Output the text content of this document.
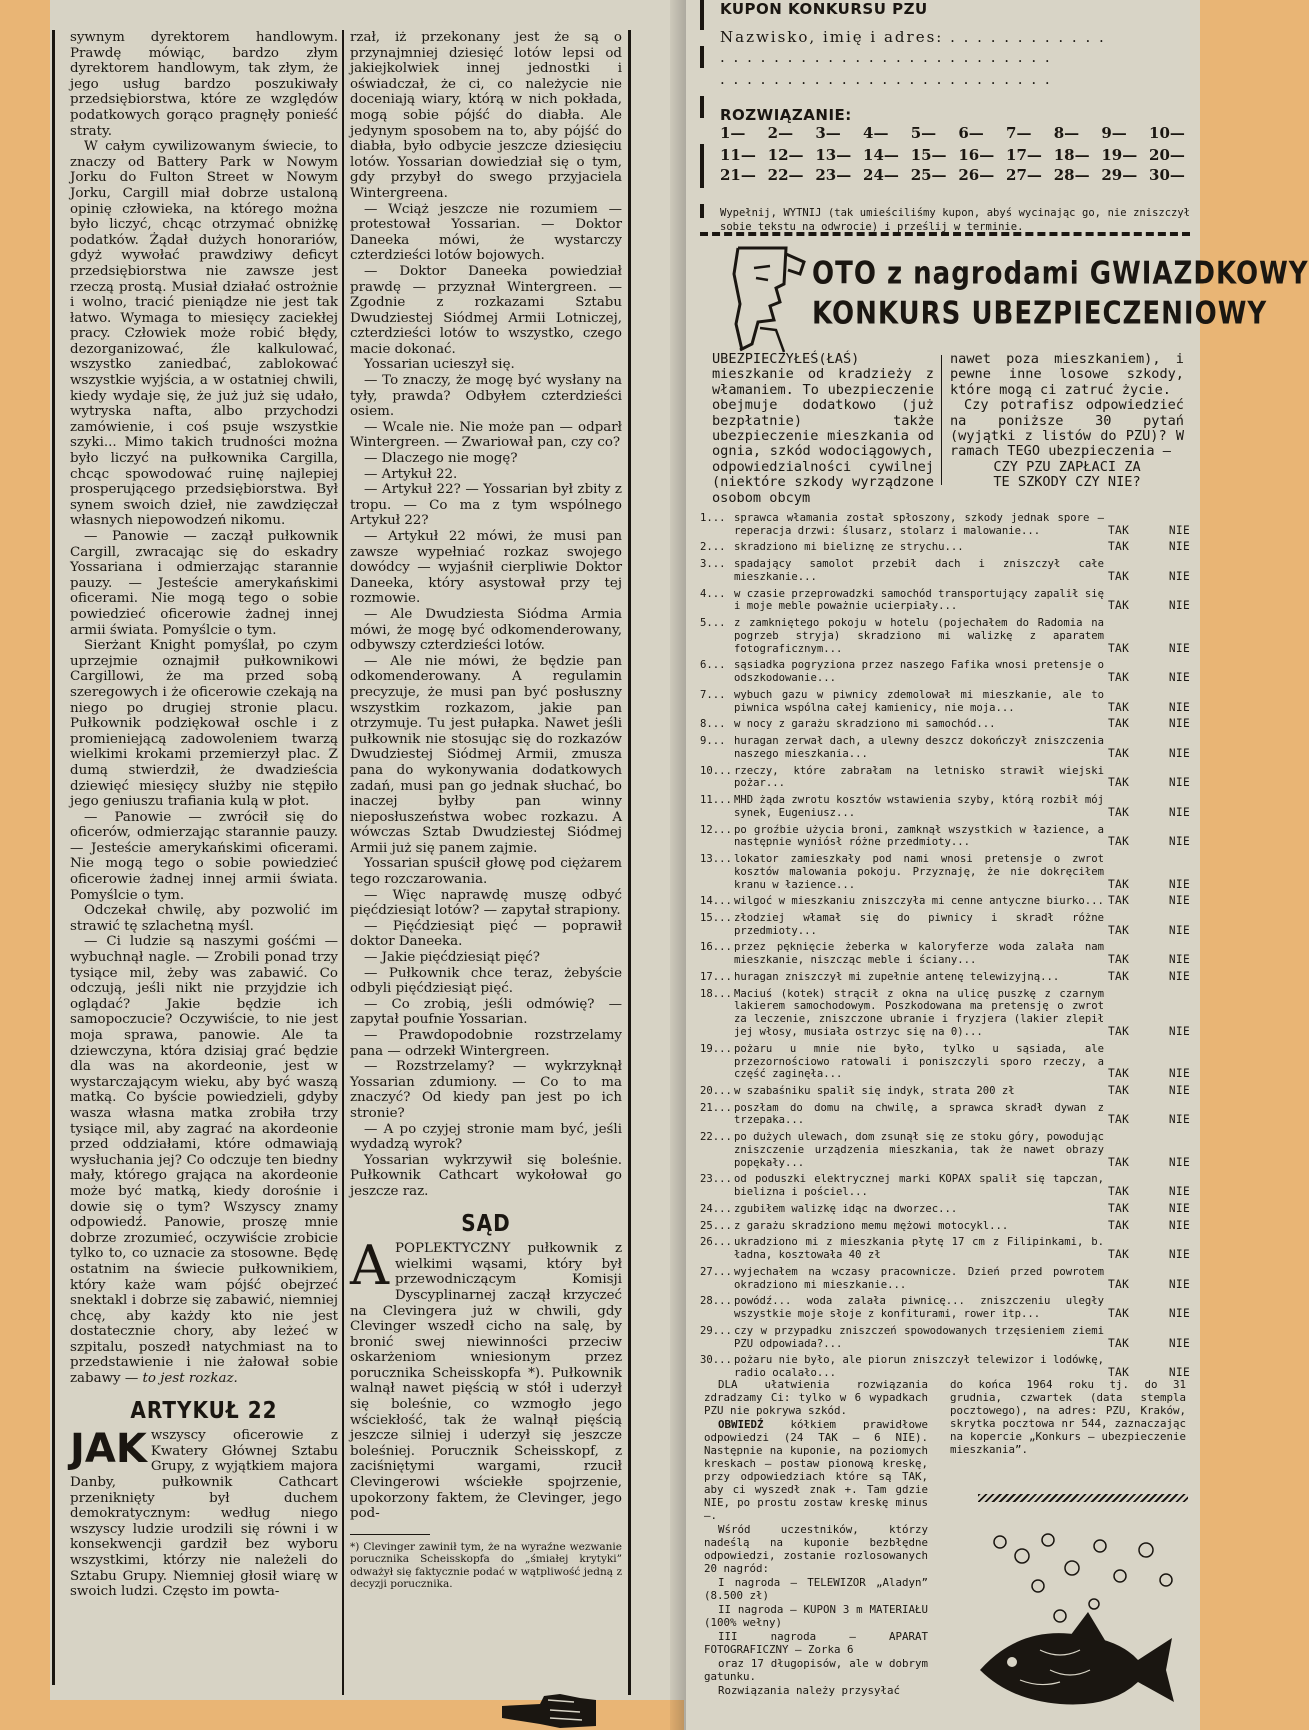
sywnym dyrektorem handlowym. Prawdę mówiąc, bardzo złym dyrektorem handlowym, tak złym, że jego usług bardzo poszukiwały przedsiębiorstwa, które ze względów podatkowych gorąco pragnęły ponieść straty.

W całym cywilizowanym świecie, to znaczy od Battery Park w Nowym Jorku do Fulton Street w Nowym Jorku, Cargill miał dobrze ustaloną opinię człowieka, na którego można było liczyć, chcąc otrzymać obniżkę podatków. Żądał dużych honorariów, gdyż wywołać prawdziwy deficyt przedsiębiorstwa nie zawsze jest rzeczą prostą. Musiał działać ostrożnie i wolno, tracić pieniądze nie jest tak łatwo. Wymaga to miesięcy zaciekłej pracy. Człowiek może robić błędy, dezorganizować, źle kalkulować, wszystko zaniedbać, zablokować wszystkie wyjścia, a w ostatniej chwili, kiedy wydaje się, że już już się udało, wytryska nafta, albo przychodzi zamówienie, i coś psuje wszystkie szyki... Mimo takich trudności można było liczyć na pułkownika Cargilla, chcąc spowodować ruinę najlepiej prosperującego przedsiębiorstwa. Był synem swoich dzieł, nie zawdzięczał własnych niepowodzeń nikomu.

— Panowie — zaczął pułkownik Cargill, zwracając się do eskadry Yossariana i odmierzając starannie pauzy. — Jesteście amerykańskimi oficerami. Nie mogą tego o sobie powiedzieć oficerowie żadnej innej armii świata. Pomyślcie o tym.

Sierżant Knight pomyślał, po czym uprzejmie oznajmił pułkownikowi Cargillowi, że ma przed sobą szeregowych i że oficerowie czekają na niego po drugiej stronie placu. Pułkownik podziękował oschle i z promieniejącą zadowoleniem twarzą wielkimi krokami przemierzył plac. Z dumą stwierdził, że dwadzieścia dziewięć miesięcy służby nie stępiło jego geniuszu trafiania kulą w płot.

— Panowie — zwrócił się do oficerów, odmierzając starannie pauzy. — Jesteście amerykańskimi oficerami. Nie mogą tego o sobie powiedzieć oficerowie żadnej innej armii świata. Pomyślcie o tym.

Odczekał chwilę, aby pozwolić im strawić tę szlachetną myśl.

— Ci ludzie są naszymi gośćmi — wybuchnął nagle. — Zrobili ponad trzy tysiące mil, żeby was zabawić. Co odczują, jeśli nikt nie przyjdzie ich oglądać? Jakie będzie ich samopoczucie? Oczywiście, to nie jest moja sprawa, panowie. Ale ta dziewczyna, która dzisiaj grać będzie dla was na akordeonie, jest w wystarczającym wieku, aby być waszą matką. Co byście powiedzieli, gdyby wasza własna matka zrobiła trzy tysiące mil, aby zagrać na akordeonie przed oddziałami, które odmawiają wysłuchania jej? Co odczuje ten biedny mały, którego grająca na akordeonie może być matką, kiedy dorośnie i dowie się o tym? Wszyscy znamy odpowiedź. Panowie, proszę mnie dobrze zrozumieć, oczywiście zrobicie tylko to, co uznacie za stosowne. Będę ostatnim na świecie pułkownikiem, który każe wam pójść obejrzeć snektakl i dobrze się zabawić, niemniej chcę, aby każdy kto nie jest dostatecznie chory, aby leżeć w szpitalu, poszedł natychmiast na to przedstawienie i nie żałował sobie zabawy — to jest rozkaz.

ARTYKUŁ 22

JAK wszyscy oficerowie z Kwatery Głównej Sztabu Grupy, z wyjątkiem majora Danby, pułkownik Cathcart przeniknięty był duchem demokratycznym: według niego wszyscy ludzie urodzili się równi i w konsekwencji gardził bez wyboru wszystkimi, którzy nie należeli do Sztabu Grupy. Niemniej głosił wiarę w swoich ludzi. Często im powta-

rzał, iż przekonany jest że są o przynajmniej dziesięć lotów lepsi od jakiejkolwiek innej jednostki i oświadczał, że ci, co należycie nie doceniają wiary, którą w nich pokłada, mogą sobie pójść do diabła. Ale jedynym sposobem na to, aby pójść do diabła, było odbycie jeszcze dziesięciu lotów. Yossarian dowiedział się o tym, gdy przybył do swego przyjaciela Wintergreena.

— Wciąż jeszcze nie rozumiem — protestował Yossarian. — Doktor Daneeka mówi, że wystarczy czterdzieści lotów bojowych.

— Doktor Daneeka powiedział prawdę — przyznał Wintergreen. — Zgodnie z rozkazami Sztabu Dwudziestej Siódmej Armii Lotniczej, czterdzieści lotów to wszystko, czego macie dokonać.

Yossarian ucieszył się.

— To znaczy, że mogę być wysłany na tyły, prawda? Odbyłem czterdzieści osiem.

— Wcale nie. Nie może pan — odparł Wintergreen. — Zwariował pan, czy co?

— Dlaczego nie mogę?

— Artykuł 22.

— Artykuł 22? — Yossarian był zbity z tropu. — Co ma z tym wspólnego Artykuł 22?

— Artykuł 22 mówi, że musi pan zawsze wypełniać rozkaz swojego dowódcy — wyjaśnił cierpliwie Doktor Daneeka, który asystował przy tej rozmowie.

— Ale Dwudziesta Siódma Armia mówi, że mogę być odkomenderowany, odbywszy czterdzieści lotów.

— Ale nie mówi, że będzie pan odkomenderowany. A regulamin precyzuje, że musi pan być posłuszny wszystkim rozkazom, jakie pan otrzymuje. Tu jest pułapka. Nawet jeśli pułkownik nie stosując się do rozkazów Dwudziestej Siódmej Armii, zmusza pana do wykonywania dodatkowych zadań, musi pan go jednak słuchać, bo inaczej byłby pan winny nieposłuszeństwa wobec rozkazu. A wówczas Sztab Dwudziestej Siódmej Armii już się panem zajmie.

Yossarian spuścił głowę pod ciężarem tego rozczarowania.

— Więc naprawdę muszę odbyć pięćdziesiąt lotów? — zapytał strapiony.

— Pięćdziesiąt pięć — poprawił doktor Daneeka.

— Jakie pięćdziesiąt pięć?

— Pułkownik chce teraz, żebyście odbyli pięćdziesiąt pięć.

— Co zrobią, jeśli odmówię? — zapytał poufnie Yossarian.

— Prawdopodobnie rozstrzelamy pana — odrzekł Wintergreen.

— Rozstrzelamy? — wykrzyknął Yossarian zdumiony. — Co to ma znaczyć? Od kiedy pan jest po ich stronie?

— A po czyjej stronie mam być, jeśli wydadzą wyrok?

Yossarian wykrzywił się boleśnie. Pułkownik Cathcart wykołował go jeszcze raz.

SĄD

APOPLEKTYCZNY pułkownik z wielkimi wąsami, który był przewodniczącym Komisji Dyscyplinarnej zaczął krzyczeć na Clevingera już w chwili, gdy Clevinger wszedł cicho na salę, by bronić swej niewinności przeciw oskarżeniom wniesionym przez porucznika Scheisskopfa *). Pułkownik walnął nawet pięścią w stół i uderzył się boleśnie, co wzmogło jego wściekłość, tak że walnął pięścią jeszcze silniej i uderzył się jeszcze boleśniej. Porucznik Scheisskopf, z zaciśniętymi wargami, rzucił Clevingerowi wściekłe spojrzenie, upokorzony faktem, że Clevinger, jego pod-

*) Clevinger zawinił tym, że na wyraźne wezwanie porucznika Scheisskopfa do „śmiałej krytyki” odważył się faktycznie podać w wątpliwość jedną z decyzji porucznika.

KUPON KONKURSU PZU
Nazwisko, imię i adres: . . . . . . . . . . . .
. . . . . . . . . . . . . . . . . . . . . . . . .
. . . . . . . . . . . . . . . . . . . . . . . . .
ROZWIĄZANIE:
1— 2— 3— 4— 5— 6— 7— 8— 9— 10—
11— 12— 13— 14— 15— 16— 17— 18— 19— 20—
21— 22— 23— 24— 25— 26— 27— 28— 29— 30—
Wypełnij, WYTNIJ (tak umieściliśmy kupon, abyś wycinając go, nie zniszczył sobie tekstu na odwrocie) i prześlij w terminie.
OTO z nagrodami GWIAZDKOWY
KONKURS UBEZPIECZENIOWY
UBEZPIECZYŁEŚ(ŁAŚ) mieszkanie od kradzieży z włamaniem. To ubezpieczenie obejmuje dodatkowo (już bezpłatnie) także ubezpieczenie mieszkania od ognia, szkód wodociągowych, odpowiedzialności cywilnej (niektóre szkody wyrządzone osobom obcym
nawet poza mieszkaniem), i pewne inne losowe szkody, które mogą ci zatruć życie.
Czy potrafisz odpowiedzieć na poniższe 30 pytań (wyjątki z listów do PZU)? W ramach TEGO ubezpieczenia —
CZY PZU ZAPŁACI ZA
TE SZKODY CZY NIE?
1... sprawca włamania został spłoszony, szkody jednak spore — reperacja drzwi: ślusarz, stolarz i malowanie...	TAK	NIE
2... skradziono mi bieliznę ze strychu...	TAK	NIE
3... spadający samolot przebił dach i zniszczył całe mieszkanie...	TAK	NIE
4... w czasie przeprowadzki samochód transportujący zapalił się i moje meble poważnie ucierpiały...	TAK	NIE
5... z zamkniętego pokoju w hotelu (pojechałem do Radomia na pogrzeb stryja) skradziono mi walizkę z aparatem fotograficznym...	TAK	NIE
6... sąsiadka pogryziona przez naszego Fafika wnosi pretensje o odszkodowanie...	TAK	NIE
7... wybuch gazu w piwnicy zdemolował mi mieszkanie, ale to piwnica wspólna całej kamienicy, nie moja...	TAK	NIE
8... w nocy z garażu skradziono mi samochód...	TAK	NIE
9... huragan zerwał dach, a ulewny deszcz dokończył zniszczenia naszego mieszkania...	TAK	NIE
10... rzeczy, które zabrałam na letnisko strawił wiejski pożar...	TAK	NIE
11... MHD żąda zwrotu kosztów wstawienia szyby, którą rozbił mój synek, Eugeniusz...	TAK	NIE
12... po groźbie użycia broni, zamknął wszystkich w łazience, a następnie wyniósł różne przedmioty...	TAK	NIE
13... lokator zamieszkały pod nami wnosi pretensje o zwrot kosztów malowania pokoju. Przyznaję, że nie dokręciłem kranu w łazience...	TAK	NIE
14... wilgoć w mieszkaniu zniszczyła mi cenne antyczne biurko... TAK	NIE
15... złodziej włamał się do piwnicy i skradł różne przedmioty...	TAK	NIE
16... przez pęknięcie żeberka w kaloryferze woda zalała nam mieszkanie, niszcząc meble i ściany...	TAK	NIE
17... huragan zniszczył mi zupełnie antenę telewizyjną...	TAK	NIE
18... Maciuś (kotek) strącił z okna na ulicę puszkę z czarnym lakierem samochodowym. Poszkodowana ma pretensję o zwrot za leczenie, zniszczone ubranie i fryzjera (lakier zlepił jej włosy, musiała ostrzyc się na 0)...	TAK	NIE
19... pożaru u mnie nie było, tylko u sąsiada, ale przezornościowo ratowali i poniszczyli sporo rzeczy, a część zaginęła...	TAK	NIE
20... w szabaśniku spalił się indyk, strata 200 zł	TAK	NIE
21... poszłam do domu na chwilę, a sprawca skradł dywan z trzepaka...	TAK	NIE
22... po dużych ulewach, dom zsunął się ze stoku góry, powodując zniszczenie urządzenia mieszkania, tak że nawet obrazy popękały...	TAK	NIE
23... od poduszki elektrycznej marki KOPAX spalił się tapczan, bielizna i pościel...	TAK	NIE
24... zgubiłem walizkę idąc na dworzec...	TAK	NIE
25... z garażu skradziono memu mężowi motocykl...	TAK	NIE
26... ukradziono mi z mieszkania płytę 17 cm z Filipinkami, b. ładna, kosztowała 40 zł	TAK	NIE
27... wyjechałem na wczasy pracownicze. Dzień przed powrotem okradziono mi mieszkanie...	TAK	NIE
28... powódź... woda zalała piwnicę... zniszczeniu uległy wszystkie moje słoje z konfiturami, rower itp...	TAK	NIE
29... czy w przypadku zniszczeń spowodowanych trzęsieniem ziemi PZU odpowiada?...	TAK	NIE
30... pożaru nie było, ale piorun zniszczył telewizor i lodówkę, radio ocalało...	TAK	NIE

DLA ułatwienia rozwiązania zdradzamy Ci: tylko w 6 wypadkach PZU nie pokrywa szkód.

OBWIEDŹ kółkiem prawidłowe odpowiedzi (24 TAK — 6 NIE). Następnie na kuponie, na poziomych kreskach — postaw pionową kreskę, przy odpowiedziach które są TAK, aby ci wyszedł znak +. Tam gdzie NIE, po prostu zostaw kreskę minus —.

Wśród uczestników, którzy nadeślą na kuponie bezbłędne odpowiedzi, zostanie rozlosowanych 20 nagród:

I nagroda — TELEWIZOR „Aladyn” (8.500 zł)

II nagroda — KUPON 3 m MATERIAŁU (100% wełny)

III nagroda — APARAT FOTOGRAFICZNY — Zorka 6

oraz 17 długopisów, ale w dobrym gatunku.

Rozwiązania należy przysyłać

do końca 1964 roku tj. do 31 grudnia, czwartek (data stempla pocztowego), na adres: PZU, Kraków, skrytka pocztowa nr 544, zaznaczając na kopercie „Konkurs — ubezpieczenie mieszkania”.
